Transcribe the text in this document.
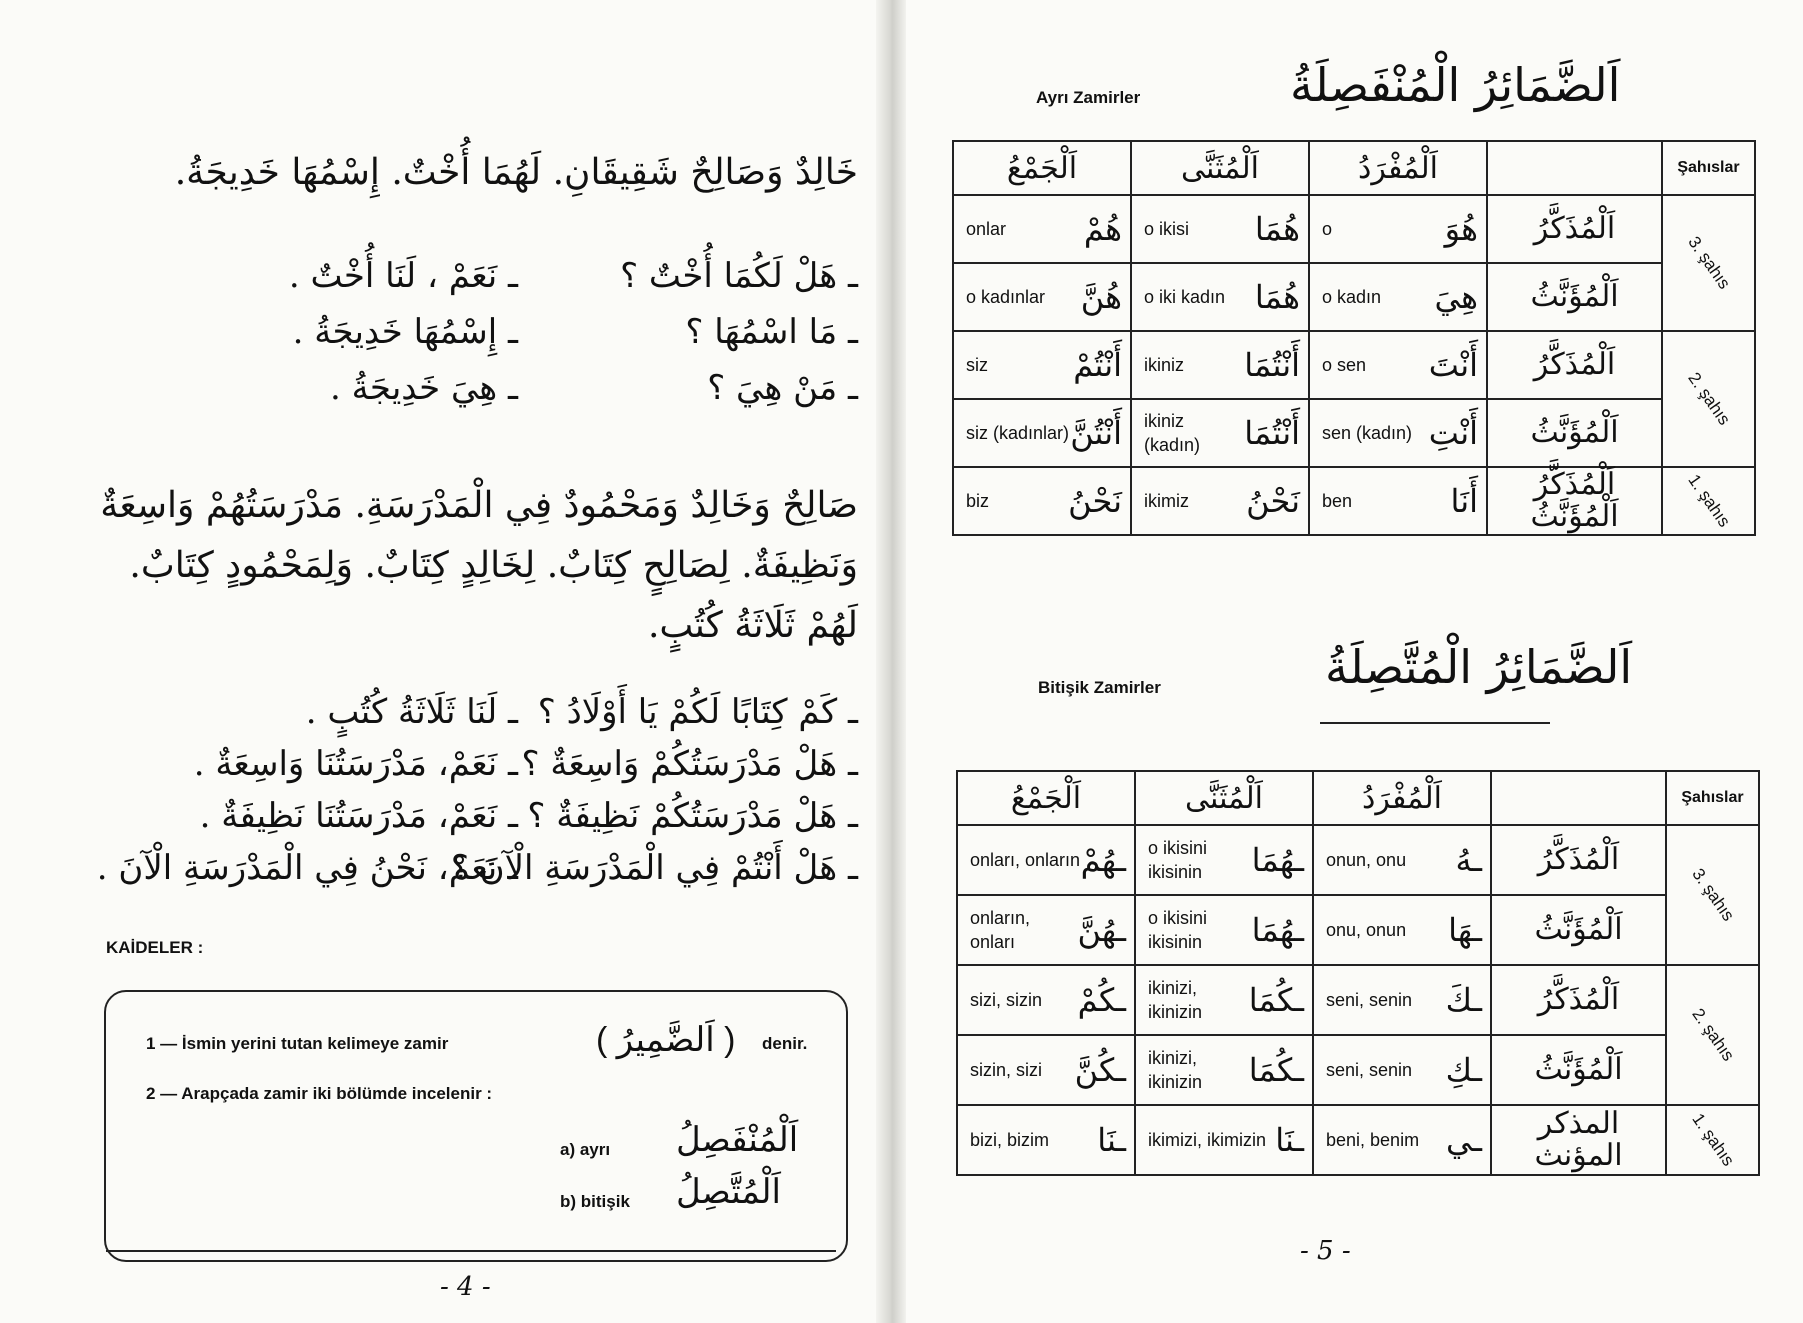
خَالِدٌ وَصَالِحٌ شَقِيقَانِ. لَهُمَا أُخْتٌ. إِسْمُهَا خَدِيجَةُ.
ـ هَلْ لَكُمَا أُخْتٌ ؟
ـ نَعَمْ ، لَنَا أُخْتٌ .
ـ مَا اسْمُهَا ؟
ـ إِسْمُهَا خَدِيجَةُ .
ـ مَنْ هِيَ ؟
ـ هِيَ خَدِيجَةُ .
صَالِحٌ وَخَالِدٌ وَمَحْمُودٌ فِي الْمَدْرَسَةِ. مَدْرَسَتُهُمْ وَاسِعَةٌ
وَنَظِيفَةٌ. لِصَالِحٍ كِتَابٌ. لِخَالِدٍ كِتَابٌ. وَلِمَحْمُودٍ كِتَابٌ.
لَهُمْ ثَلَاثَةُ كُتُبٍ.
ـ كَمْ كِتَابًا لَكُمْ يَا أَوْلَادُ ؟
ـ لَنَا ثَلَاثَةُ كُتُبٍ .
ـ هَلْ مَدْرَسَتُكُمْ وَاسِعَةٌ ؟
ـ نَعَمْ، مَدْرَسَتُنَا وَاسِعَةٌ .
ـ هَلْ مَدْرَسَتُكُمْ نَظِيفَةٌ ؟
ـ نَعَمْ، مَدْرَسَتُنَا نَظِيفَةٌ .
ـ هَلْ أَنْتُمْ فِي الْمَدْرَسَةِ الْآنَ ؟
ـ نَعَمْ، نَحْنُ فِي الْمَدْرَسَةِ الْآنَ .
KAİDELER :
1 — İsmin yerini tutan kelimeye zamir	( اَلضَّمِيرُ ) denir.
2 — Arapçada zamir iki bölümde incelenir :
a) ayrı اَلْمُنْفَصِلُ
b) bitişik اَلْمُتَّصِلُ
- 4 -
Ayrı Zamirler	اَلضَّمَائِرُ الْمُنْفَصِلَةُ
اَلْجَمْعُ	اَلْمُثَنَّى	اَلْمُفْرَدُ		Şahıslar

onlar هُمْ	o ikisi هُمَا	o هُوَ	اَلْمُذَكَّرُ	3. şahıs

o kadınlar هُنَّ	o iki kadın هُمَا	o kadın هِيَ	اَلْمُؤَنَّثُ	

siz أَنْتُمْ	ikiniz أَنْتُمَا	o sen أَنْتَ	اَلْمُذَكَّرُ	2. şahıs

siz (kadınlar) أَنْتُنَّ	ikiniz (kadın) أَنْتُمَا	sen (kadın) أَنْتِ	اَلْمُؤَنَّثُ	

biz نَحْنُ	ikimiz نَحْنُ	ben أَنَا	اَلْمُذَكَّرُ اَلْمُؤَنَّثُ	1. şahıs
Bitişik Zamirler	اَلضَّمَائِرُ الْمُتَّصِلَةُ
اَلْجَمْعُ	اَلْمُثَنَّى	اَلْمُفْرَدُ		Şahıslar

onları, onların ـهُمْ	o ikisini ikisinin ـهُمَا	onun, onu ـهُ	اَلْمُذَكَّرُ	3. şahıs

onların, onları ـهُنَّ	o ikisini ikisinin ـهُمَا	onu, onun ـهَا	اَلْمُؤَنَّثُ	

sizi, sizin ـكُمْ	ikinizi, ikinizin ـكُمَا	seni, senin ـكَ	اَلْمُذَكَّرُ	2. şahıs

sizin, sizi ـكُنَّ	ikinizi, ikinizin ـكُمَا	seni, senin ـكِ	اَلْمُؤَنَّثُ	

bizi, bizim ـنَا	ikimizi, ikimizin ـنَا	beni, benim ـي	المذكر المؤنث	1. şahıs
- 5 -
